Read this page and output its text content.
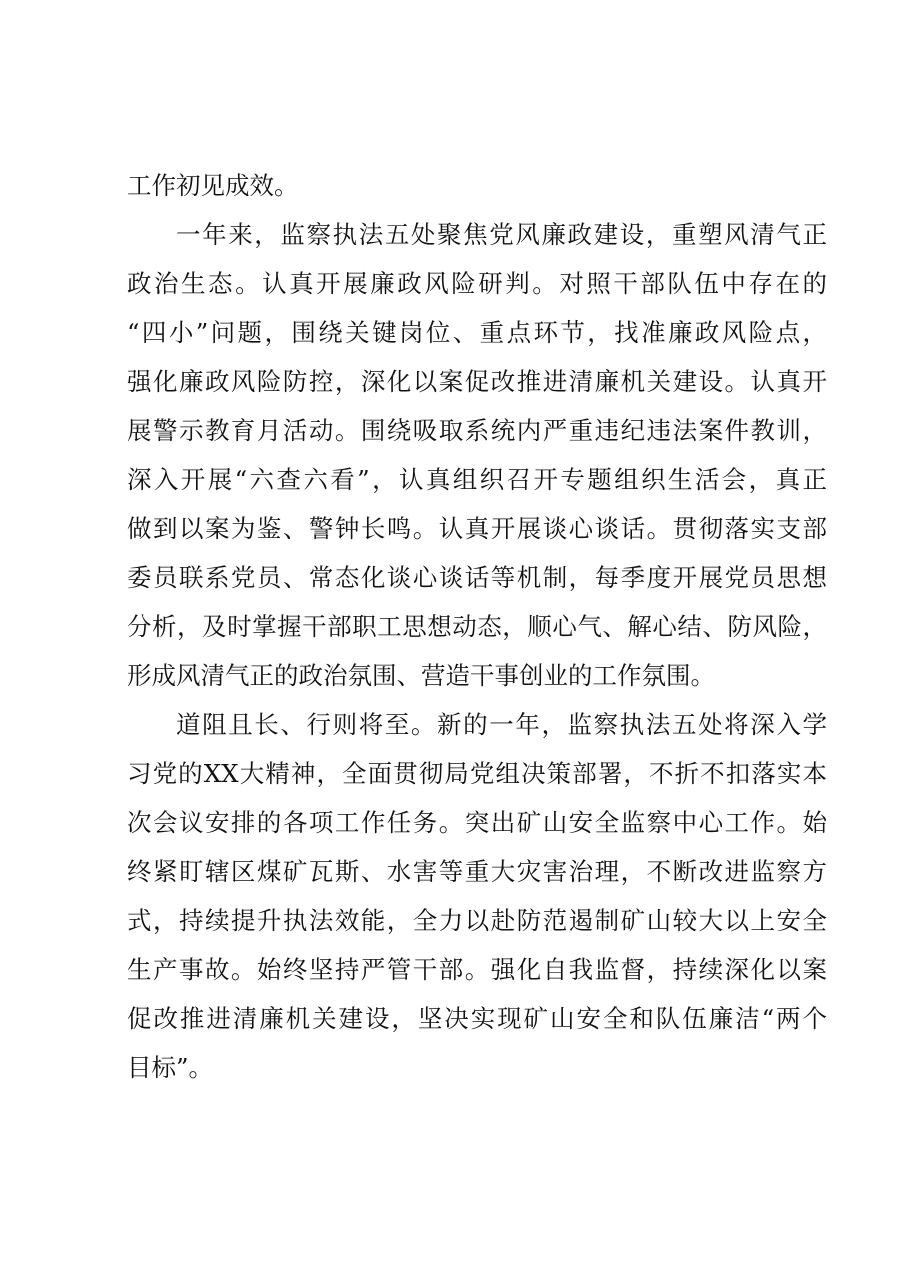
工作初见成效。
一年来，监察执法五处聚焦党风廉政建设，重塑风清气正
政治生态。认真开展廉政风险研判。对照干部队伍中存在的
“四小”问题，围绕关键岗位、重点环节，找准廉政风险点，
强化廉政风险防控，深化以案促改推进清廉机关建设。认真开
展警示教育月活动。围绕吸取系统内严重违纪违法案件教训，
深入开展“六查六看”，认真组织召开专题组织生活会，真正
做到以案为鉴、警钟长鸣。认真开展谈心谈话。贯彻落实支部
委员联系党员、常态化谈心谈话等机制，每季度开展党员思想
分析，及时掌握干部职工思想动态，顺心气、解心结、防风险，
形成风清气正的政治氛围、营造干事创业的工作氛围。
道阻且长、行则将至。新的一年，监察执法五处将深入学
习党的XX大精神，全面贯彻局党组决策部署，不折不扣落实本
次会议安排的各项工作任务。突出矿山安全监察中心工作。始
终紧盯辖区煤矿瓦斯、水害等重大灾害治理，不断改进监察方
式，持续提升执法效能，全力以赴防范遏制矿山较大以上安全
生产事故。始终坚持严管干部。强化自我监督，持续深化以案
促改推进清廉机关建设，坚决实现矿山安全和队伍廉洁“两个
目标”。
